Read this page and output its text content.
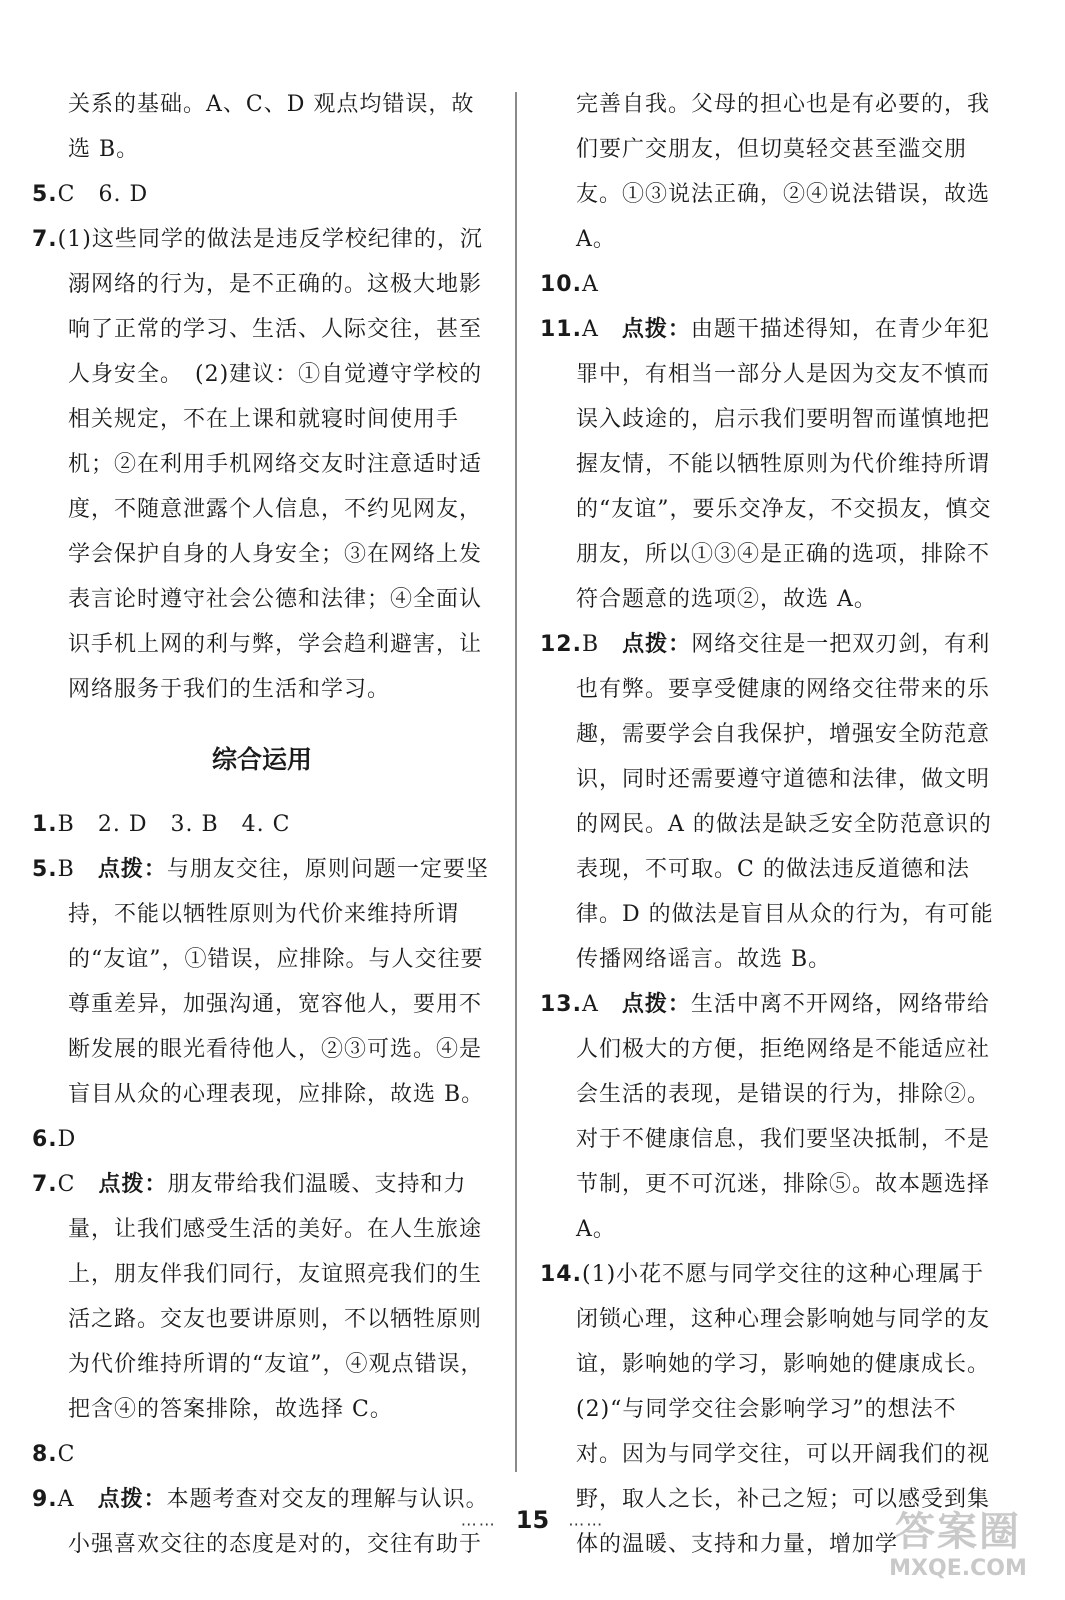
关系的基础。A、C、D 观点均错误，故选 B。

5.C　6. D

7.(1)这些同学的做法是违反学校纪律的，沉溺网络的行为，是不正确的。这极大地影响了正常的学习、生活、人际交往，甚至人身安全。　(2)建议：①自觉遵守学校的相关规定，不在上课和就寝时间使用手机；②在利用手机网络交友时注意适时适度，不随意泄露个人信息，不约见网友，学会保护自身的人身安全；③在网络上发表言论时遵守社会公德和法律；④全面认识手机上网的利与弊，学会趋利避害，让网络服务于我们的生活和学习。

综合运用

1.B　2. D　3. B　4. C

5.B　 点拨：与朋友交往，原则问题一定要坚持，不能以牺牲原则为代价来维持所谓的“友谊”，①错误，应排除。与人交往要尊重差异，加强沟通，宽容他人，要用不断发展的眼光看待他人，②③可选。④是盲目从众的心理表现，应排除，故选 B。

6.D

7.C　 点拨：朋友带给我们温暖、支持和力量，让我们感受生活的美好。在人生旅途上，朋友伴我们同行，友谊照亮我们的生活之路。交友也要讲原则，不以牺牲原则为代价维持所谓的“友谊”，④观点错误，把含④的答案排除，故选择 C。

8.C

9.A　 点拨：本题考查对交友的理解与认识。小强喜欢交往的态度是对的，交往有助于

完善自我。父母的担心也是有必要的，我们要广交朋友，但切莫轻交甚至滥交朋友。①③说法正确，②④说法错误，故选 A。

10.A

11.A　 点拨：由题干描述得知，在青少年犯罪中，有相当一部分人是因为交友不慎而误入歧途的，启示我们要明智而谨慎地把握友情，不能以牺牲原则为代价维持所谓的“友谊”，要乐交净友，不交损友，慎交朋友，所以①③④是正确的选项，排除不符合题意的选项②，故选 A。

12.B　 点拨：网络交往是一把双刃剑，有利也有弊。要享受健康的网络交往带来的乐趣，需要学会自我保护，增强安全防范意识，同时还需要遵守道德和法律，做文明的网民。A 的做法是缺乏安全防范意识的表现，不可取。C 的做法违反道德和法律。D 的做法是盲目从众的行为，有可能传播网络谣言。故选 B。

13.A　 点拨：生活中离不开网络，网络带给人们极大的方便，拒绝网络是不能适应社会生活的表现，是错误的行为，排除②。对于不健康信息，我们要坚决抵制，不是节制，更不可沉迷，排除⑤。故本题选择 A。

14.(1)小花不愿与同学交往的这种心理属于闭锁心理，这种心理会影响她与同学的友谊，影响她的学习，影响她的健康成长。　(2)“与同学交往会影响学习”的想法不对。因为与同学交往，可以开阔我们的视野，取人之长，补己之短；可以感受到集体的温暖、支持和力量，增加学

…… 15 ……	答案圈
MXQE.COM
